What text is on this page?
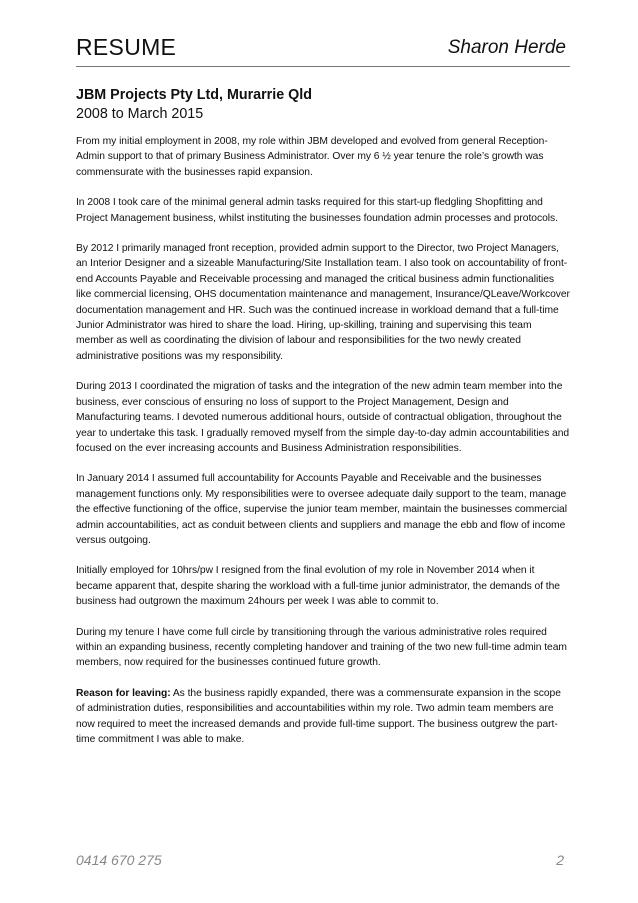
RESUME	Sharon Herde

JBM Projects Pty Ltd, Murarrie Qld

2008 to March 2015

From my initial employment in 2008, my role within JBM developed and evolved from general Reception-Admin support to that of primary Business Administrator. Over my 6 ½ year tenure the role’s growth was commensurate with the businesses rapid expansion.

In 2008 I took care of the minimal general admin tasks required for this start-up fledgling Shopfitting and Project Management business, whilst instituting the businesses foundation admin processes and protocols.

By 2012 I primarily managed front reception, provided admin support to the Director, two Project Managers, an Interior Designer and a sizeable Manufacturing/Site Installation team. I also took on accountability of front-end Accounts Payable and Receivable processing and managed the critical business admin functionalities like commercial licensing, OHS documentation maintenance and management, Insurance/QLeave/Workcover documentation management and HR. Such was the continued increase in workload demand that a full-time Junior Administrator was hired to share the load. Hiring, up-skilling, training and supervising this team member as well as coordinating the division of labour and responsibilities for the two newly created administrative positions was my responsibility.

During 2013 I coordinated the migration of tasks and the integration of the new admin team member into the business, ever conscious of ensuring no loss of support to the Project Management, Design and Manufacturing teams. I devoted numerous additional hours, outside of contractual obligation, throughout the year to undertake this task. I gradually removed myself from the simple day-to-day admin accountabilities and focused on the ever increasing accounts and Business Administration responsibilities.

In January 2014 I assumed full accountability for Accounts Payable and Receivable and the businesses management functions only. My responsibilities were to oversee adequate daily support to the team, manage the effective functioning of the office, supervise the junior team member, maintain the businesses commercial admin accountabilities, act as conduit between clients and suppliers and manage the ebb and flow of income versus outgoing.

Initially employed for 10hrs/pw I resigned from the final evolution of my role in November 2014 when it became apparent that, despite sharing the workload with a full-time junior administrator, the demands of the business had outgrown the maximum 24hours per week I was able to commit to.

During my tenure I have come full circle by transitioning through the various administrative roles required within an expanding business, recently completing handover and training of the two new full-time admin team members, now required for the businesses continued future growth.

Reason for leaving: As the business rapidly expanded, there was a commensurate expansion in the scope of administration duties, responsibilities and accountabilities within my role. Two admin team members are now required to meet the increased demands and provide full-time support. The business outgrew the part-time commitment I was able to make.

0414 670 275	2
